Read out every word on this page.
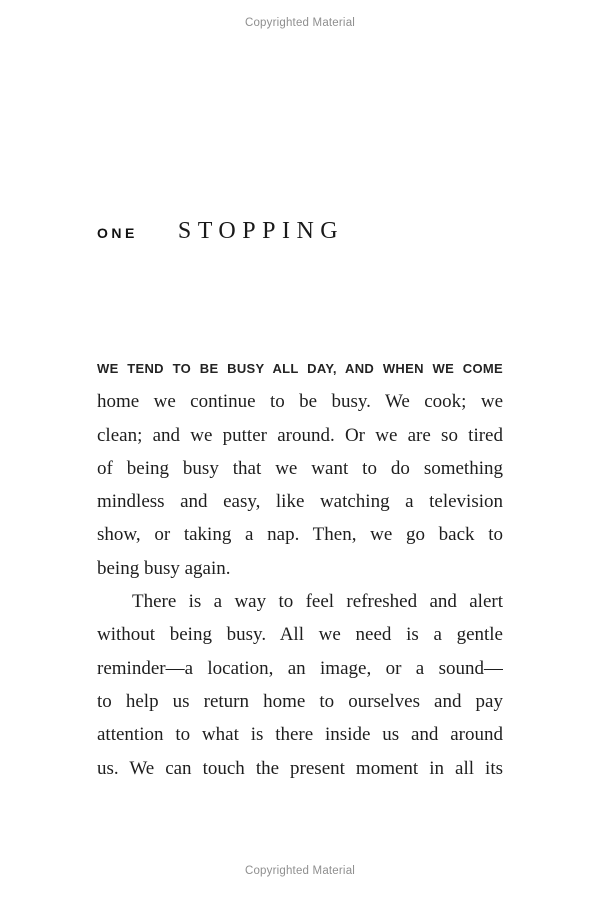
Copyrighted Material
ONE STOPPING
WE TEND TO BE BUSY ALL DAY, AND WHEN WE COME
home we continue to be busy. We cook; we
clean; and we putter around. Or we are so tired
of being busy that we want to do something
mindless and easy, like watching a television
show, or taking a nap. Then, we go back to
being busy again.
There is a way to feel refreshed and alert
without being busy. All we need is a gentle
reminder—a location, an image, or a sound—
to help us return home to ourselves and pay
attention to what is there inside us and around
us. We can touch the present moment in all its
Copyrighted Material
